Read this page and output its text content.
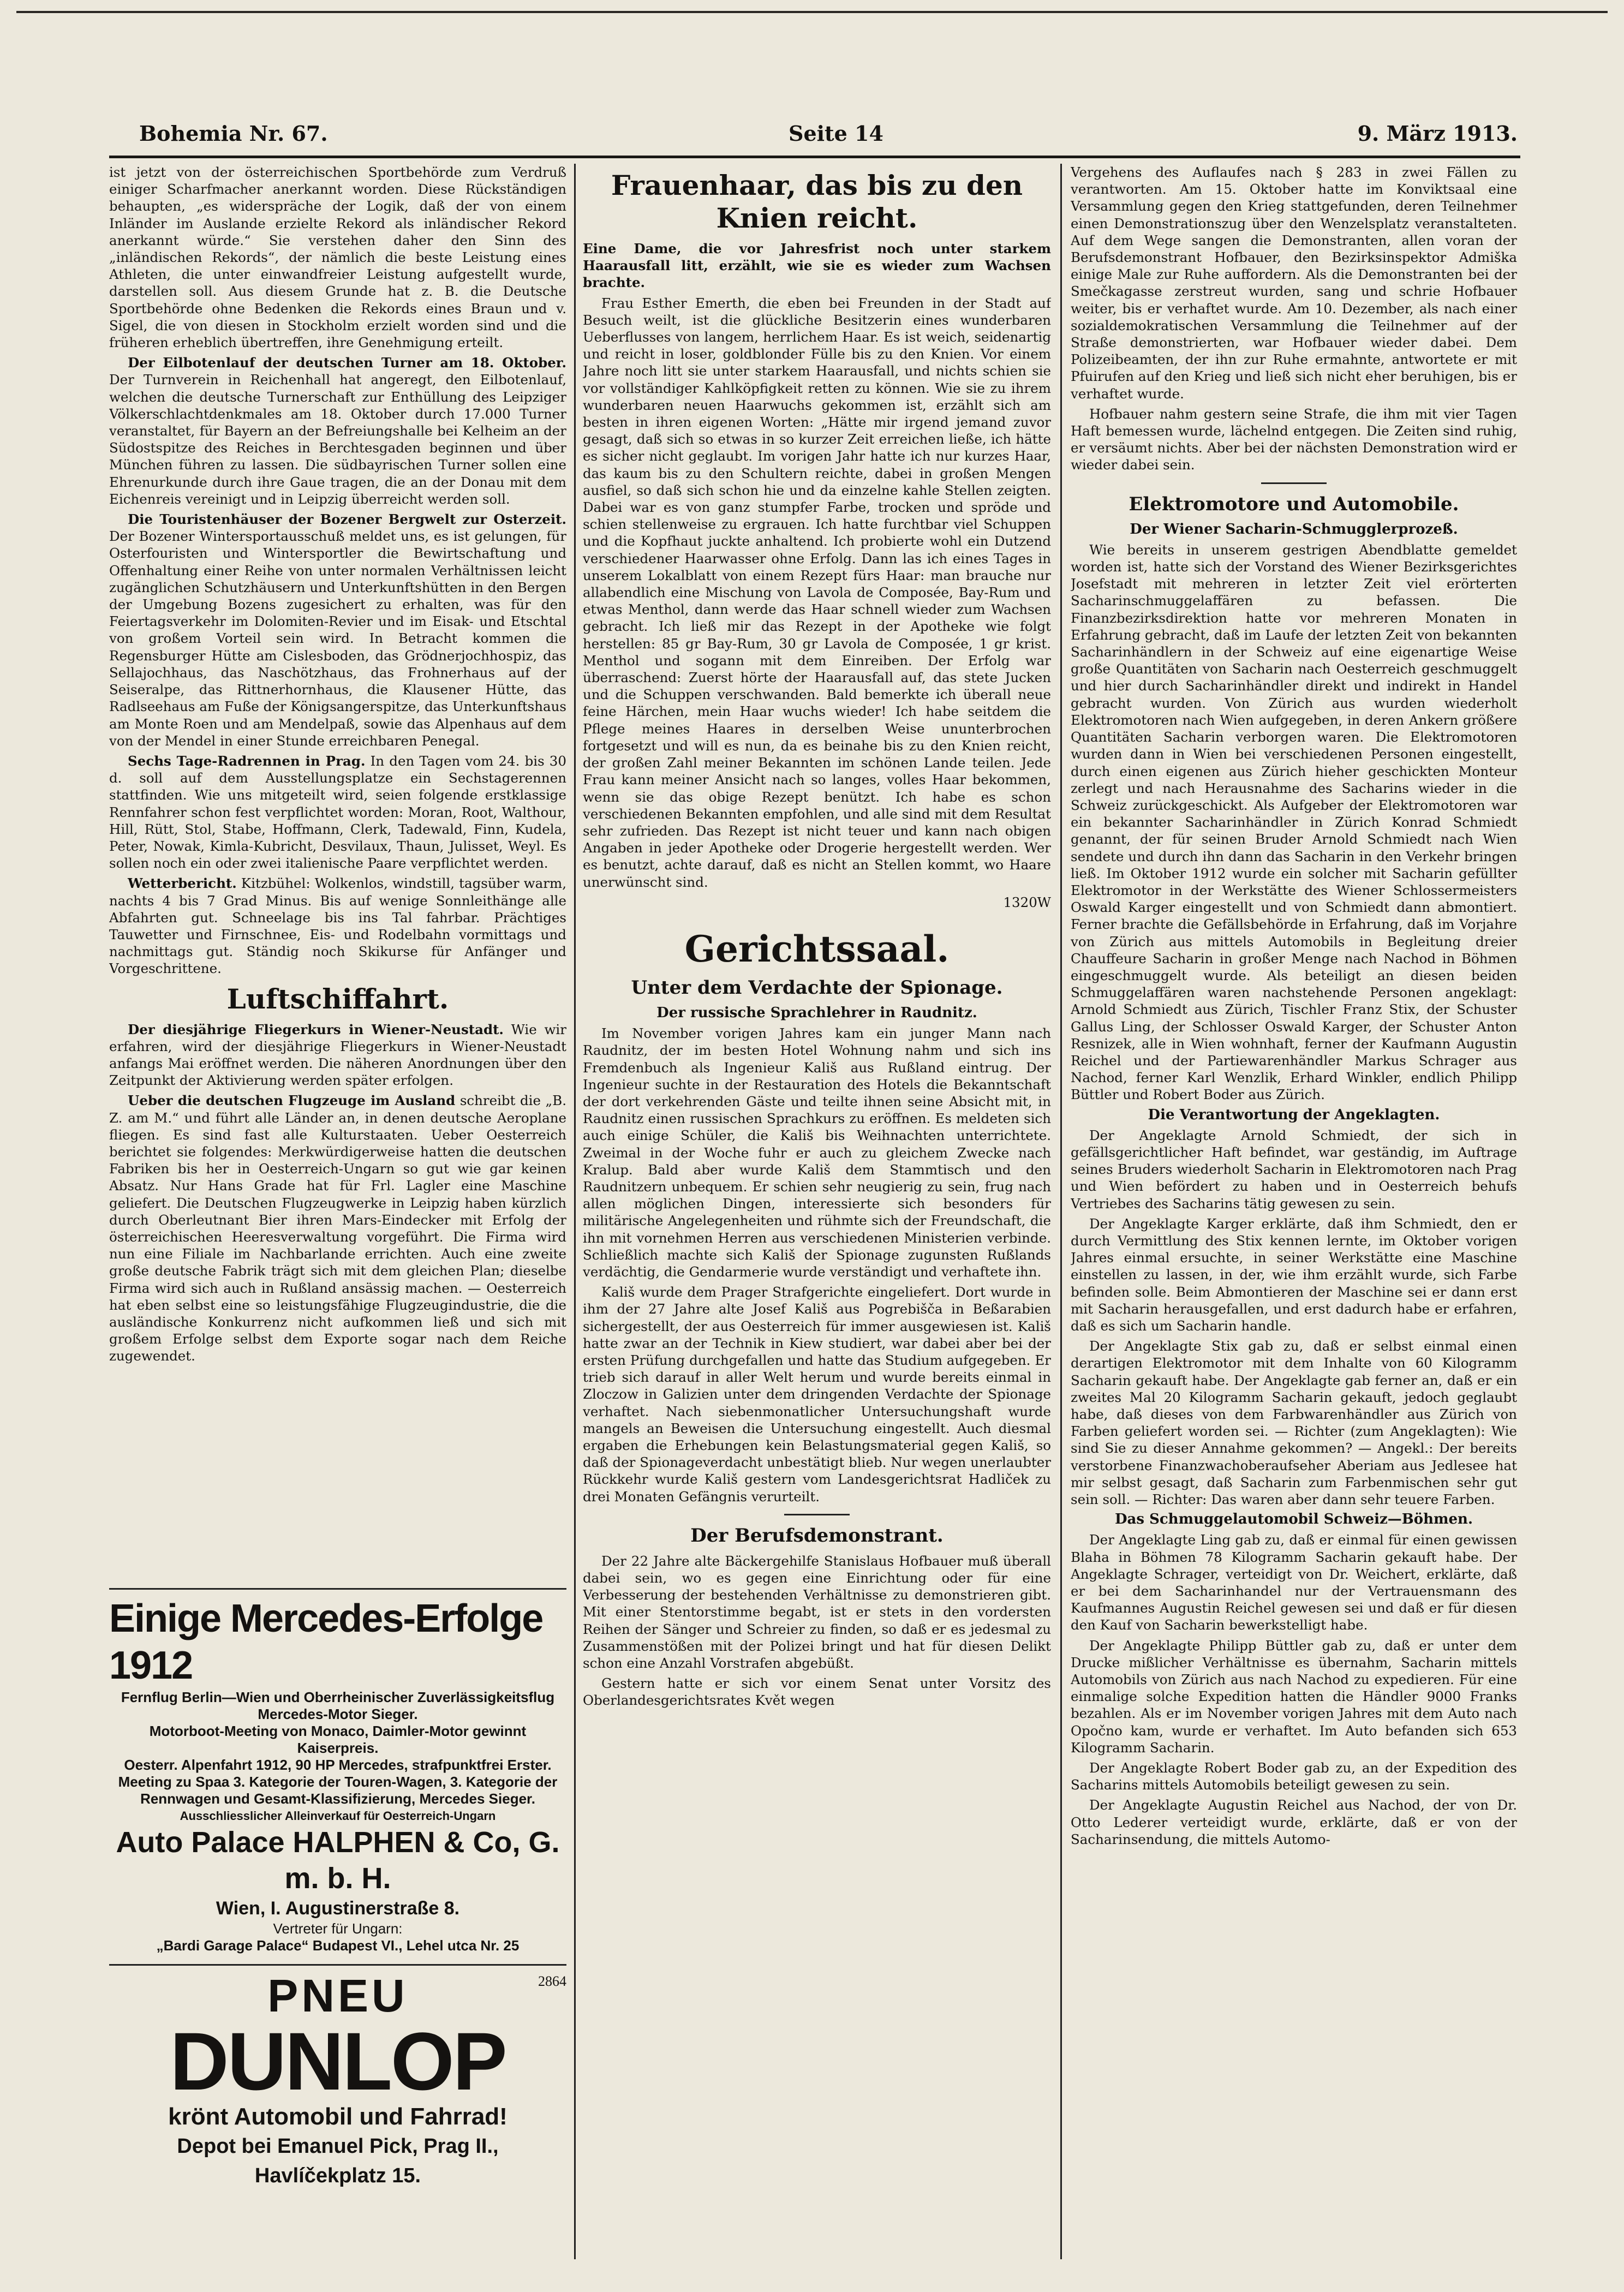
Bohemia Nr. 67.	Seite 14	9. März 1913.

ist jetzt von der österreichischen Sportbehörde zum Verdruß einiger Scharfmacher anerkannt worden. Diese Rückständigen behaupten, „es widerspräche der Logik, daß der von einem Inländer im Auslande erzielte Rekord als inländischer Rekord anerkannt würde.“ Sie verstehen daher den Sinn des „inländischen Rekords“, der nämlich die beste Leistung eines Athleten, die unter einwandfreier Leistung aufgestellt wurde, darstellen soll. Aus diesem Grunde hat z. B. die Deutsche Sportbehörde ohne Bedenken die Rekords eines Braun und v. Sigel, die von diesen in Stockholm erzielt worden sind und die früheren erheblich übertreffen, ihre Genehmigung erteilt.

Der Eilbotenlauf der deutschen Turner am 18. Oktober. Der Turnverein in Reichenhall hat angeregt, den Eilbotenlauf, welchen die deutsche Turnerschaft zur Enthüllung des Leipziger Völkerschlachtdenkmales am 18. Oktober durch 17.000 Turner veranstaltet, für Bayern an der Befreiungshalle bei Kelheim an der Südostspitze des Reiches in Berchtesgaden beginnen und über München führen zu lassen. Die südbayrischen Turner sollen eine Ehrenurkunde durch ihre Gaue tragen, die an der Donau mit dem Eichenreis vereinigt und in Leipzig überreicht werden soll.

Die Touristenhäuser der Bozener Bergwelt zur Osterzeit. Der Bozener Wintersportausschuß meldet uns, es ist gelungen, für Osterfouristen und Wintersportler die Bewirtschaftung und Offenhaltung einer Reihe von unter normalen Verhältnissen leicht zugänglichen Schutzhäusern und Unterkunftshütten in den Bergen der Umgebung Bozens zugesichert zu erhalten, was für den Feiertagsverkehr im Dolomiten-Revier und im Eisak- und Etschtal von großem Vorteil sein wird. In Betracht kommen die Regensburger Hütte am Cislesboden, das Grödnerjochhospiz, das Sellajochhaus, das Naschötzhaus, das Frohnerhaus auf der Seiseralpe, das Rittnerhornhaus, die Klausener Hütte, das Radlseehaus am Fuße der Königsangerspitze, das Unterkunftshaus am Monte Roen und am Mendelpaß, sowie das Alpenhaus auf dem von der Mendel in einer Stunde erreichbaren Penegal.

Sechs Tage-Radrennen in Prag. In den Tagen vom 24. bis 30 d. soll auf dem Ausstellungsplatze ein Sechstagerennen stattfinden. Wie uns mitgeteilt wird, seien folgende erstklassige Rennfahrer schon fest verpflichtet worden: Moran, Root, Walthour, Hill, Rütt, Stol, Stabe, Hoffmann, Clerk, Tadewald, Finn, Kudela, Peter, Nowak, Kimla-Kubricht, Desvilaux, Thaun, Julisset, Weyl. Es sollen noch ein oder zwei italienische Paare verpflichtet werden.

Wetterbericht. Kitzbühel: Wolkenlos, windstill, tagsüber warm, nachts 4 bis 7 Grad Minus. Bis auf wenige Sonnleithänge alle Abfahrten gut. Schneelage bis ins Tal fahrbar. Prächtiges Tauwetter und Firnschnee, Eis- und Rodelbahn vormittags und nachmittags gut. Ständig noch Skikurse für Anfänger und Vorgeschrittene.

Luftschiffahrt.

Der diesjährige Fliegerkurs in Wiener-Neustadt. Wie wir erfahren, wird der diesjährige Fliegerkurs in Wiener-Neustadt anfangs Mai eröffnet werden. Die näheren Anordnungen über den Zeitpunkt der Aktivierung werden später erfolgen.

Ueber die deutschen Flugzeuge im Ausland schreibt die „B. Z. am M.“ und führt alle Länder an, in denen deutsche Aeroplane fliegen. Es sind fast alle Kulturstaaten. Ueber Oesterreich berichtet sie folgendes: Merkwürdigerweise hatten die deutschen Fabriken bis her in Oesterreich-Ungarn so gut wie gar keinen Absatz. Nur Hans Grade hat für Frl. Lagler eine Maschine geliefert. Die Deutschen Flugzeugwerke in Leipzig haben kürzlich durch Oberleutnant Bier ihren Mars-Eindecker mit Erfolg der österreichischen Heeresverwaltung vorgeführt. Die Firma wird nun eine Filiale im Nachbarlande errichten. Auch eine zweite große deutsche Fabrik trägt sich mit dem gleichen Plan; dieselbe Firma wird sich auch in Rußland ansässig machen. — Oesterreich hat eben selbst eine so leistungsfähige Flugzeugindustrie, die die ausländische Konkurrenz nicht aufkommen ließ und sich mit großem Erfolge selbst dem Exporte sogar nach dem Reiche zugewendet.

Einige Mercedes-Erfolge 1912
Fernflug Berlin—Wien und Oberrheinischer Zuverlässigkeitsflug Mercedes-Motor Sieger.
Motorboot-Meeting von Monaco, Daimler-Motor gewinnt Kaiserpreis.
Oesterr. Alpenfahrt 1912, 90 HP Mercedes, strafpunktfrei Erster.
Meeting zu Spaa 3. Kategorie der Touren-Wagen, 3. Kategorie der Rennwagen und Gesamt-Klassifizierung, Mercedes Sieger.
Ausschliesslicher Alleinverkauf für Oesterreich-Ungarn
Auto Palace HALPHEN & Co, G. m. b. H.
Wien, I. Augustinerstraße 8.
Vertreter für Ungarn:
„Bardi Garage Palace“ Budapest VI., Lehel utca Nr. 25
2864
PNEU
DUNLOP
krönt Automobil und Fahrrad!
Depot bei Emanuel Pick, Prag II., Havlíčekplatz 15.
Frauenhaar, das bis zu den Knien reicht.

Eine Dame, die vor Jahresfrist noch unter starkem Haarausfall litt, erzählt, wie sie es wieder zum Wachsen brachte.

Frau Esther Emerth, die eben bei Freunden in der Stadt auf Besuch weilt, ist die glückliche Besitzerin eines wunderbaren Ueberflusses von langem, herrlichem Haar. Es ist weich, seidenartig und reicht in loser, goldblonder Fülle bis zu den Knien. Vor einem Jahre noch litt sie unter starkem Haarausfall, und nichts schien sie vor vollständiger Kahlköpfigkeit retten zu können. Wie sie zu ihrem wunderbaren neuen Haarwuchs gekommen ist, erzählt sich am besten in ihren eigenen Worten: „Hätte mir irgend jemand zuvor gesagt, daß sich so etwas in so kurzer Zeit erreichen ließe, ich hätte es sicher nicht geglaubt. Im vorigen Jahr hatte ich nur kurzes Haar, das kaum bis zu den Schultern reichte, dabei in großen Mengen ausfiel, so daß sich schon hie und da einzelne kahle Stellen zeigten. Dabei war es von ganz stumpfer Farbe, trocken und spröde und schien stellenweise zu ergrauen. Ich hatte furchtbar viel Schuppen und die Kopfhaut juckte anhaltend. Ich probierte wohl ein Dutzend verschiedener Haarwasser ohne Erfolg. Dann las ich eines Tages in unserem Lokalblatt von einem Rezept fürs Haar: man brauche nur allabendlich eine Mischung von Lavola de Composée, Bay-Rum und etwas Menthol, dann werde das Haar schnell wieder zum Wachsen gebracht. Ich ließ mir das Rezept in der Apotheke wie folgt herstellen: 85 gr Bay-Rum, 30 gr Lavola de Composée, 1 gr krist. Menthol und sogann mit dem Einreiben. Der Erfolg war überraschend: Zuerst hörte der Haarausfall auf, das stete Jucken und die Schuppen verschwanden. Bald bemerkte ich überall neue feine Härchen, mein Haar wuchs wieder! Ich habe seitdem die Pflege meines Haares in derselben Weise ununterbrochen fortgesetzt und will es nun, da es beinahe bis zu den Knien reicht, der großen Zahl meiner Bekannten im schönen Lande teilen. Jede Frau kann meiner Ansicht nach so langes, volles Haar bekommen, wenn sie das obige Rezept benützt. Ich habe es schon verschiedenen Bekannten empfohlen, und alle sind mit dem Resultat sehr zufrieden. Das Rezept ist nicht teuer und kann nach obigen Angaben in jeder Apotheke oder Drogerie hergestellt werden. Wer es benutzt, achte darauf, daß es nicht an Stellen kommt, wo Haare unerwünscht sind.

1320W
Gerichtssaal.
Unter dem Verdachte der Spionage.
Der russische Sprachlehrer in Raudnitz.

Im November vorigen Jahres kam ein junger Mann nach Raudnitz, der im besten Hotel Wohnung nahm und sich ins Fremdenbuch als Ingenieur Kališ aus Rußland eintrug. Der Ingenieur suchte in der Restauration des Hotels die Bekanntschaft der dort verkehrenden Gäste und teilte ihnen seine Absicht mit, in Raudnitz einen russischen Sprachkurs zu eröffnen. Es meldeten sich auch einige Schüler, die Kališ bis Weihnachten unterrichtete. Zweimal in der Woche fuhr er auch zu gleichem Zwecke nach Kralup. Bald aber wurde Kališ dem Stammtisch und den Raudnitzern unbequem. Er schien sehr neugierig zu sein, frug nach allen möglichen Dingen, interessierte sich besonders für militärische Angelegenheiten und rühmte sich der Freundschaft, die ihn mit vornehmen Herren aus verschiedenen Ministerien verbinde. Schließlich machte sich Kališ der Spionage zugunsten Rußlands verdächtig, die Gendarmerie wurde verständigt und verhaftete ihn.

Kališ wurde dem Prager Strafgerichte eingeliefert. Dort wurde in ihm der 27 Jahre alte Josef Kališ aus Pogrebišča in Beßarabien sichergestellt, der aus Oesterreich für immer ausgewiesen ist. Kališ hatte zwar an der Technik in Kiew studiert, war dabei aber bei der ersten Prüfung durchgefallen und hatte das Studium aufgegeben. Er trieb sich darauf in aller Welt herum und wurde bereits einmal in Zloczow in Galizien unter dem dringenden Verdachte der Spionage verhaftet. Nach siebenmonatlicher Untersuchungshaft wurde mangels an Beweisen die Untersuchung eingestellt. Auch diesmal ergaben die Erhebungen kein Belastungsmaterial gegen Kališ, so daß der Spionageverdacht unbestätigt blieb. Nur wegen unerlaubter Rückkehr wurde Kališ gestern vom Landesgerichtsrat Hadliček zu drei Monaten Gefängnis verurteilt.

Der Berufsdemonstrant.

Der 22 Jahre alte Bäckergehilfe Stanislaus Hofbauer muß überall dabei sein, wo es gegen eine Einrichtung oder für eine Verbesserung der bestehenden Verhältnisse zu demonstrieren gibt. Mit einer Stentorstimme begabt, ist er stets in den vordersten Reihen der Sänger und Schreier zu finden, so daß er es jedesmal zu Zusammenstößen mit der Polizei bringt und hat für diesen Delikt schon eine Anzahl Vorstrafen abgebüßt.

Gestern hatte er sich vor einem Senat unter Vorsitz des Oberlandesgerichtsrates Květ wegen

Vergehens des Auflaufes nach § 283 in zwei Fällen zu verantworten. Am 15. Oktober hatte im Konviktsaal eine Versammlung gegen den Krieg stattgefunden, deren Teilnehmer einen Demonstrationszug über den Wenzelsplatz veranstalteten. Auf dem Wege sangen die Demonstranten, allen voran der Berufsdemonstrant Hofbauer, den Bezirksinspektor Admiška einige Male zur Ruhe auffordern. Als die Demonstranten bei der Smečkagasse zerstreut wurden, sang und schrie Hofbauer weiter, bis er verhaftet wurde. Am 10. Dezember, als nach einer sozialdemokratischen Versammlung die Teilnehmer auf der Straße demonstrierten, war Hofbauer wieder dabei. Dem Polizeibeamten, der ihn zur Ruhe ermahnte, antwortete er mit Pfuirufen auf den Krieg und ließ sich nicht eher beruhigen, bis er verhaftet wurde.

Hofbauer nahm gestern seine Strafe, die ihm mit vier Tagen Haft bemessen wurde, lächelnd entgegen. Die Zeiten sind ruhig, er versäumt nichts. Aber bei der nächsten Demonstration wird er wieder dabei sein.

Elektromotore und Automobile.
Der Wiener Sacharin-Schmugglerprozeß.

Wie bereits in unserem gestrigen Abendblatte gemeldet worden ist, hatte sich der Vorstand des Wiener Bezirksgerichtes Josefstadt mit mehreren in letzter Zeit viel erörterten Sacharinschmuggelaffären zu befassen. Die Finanzbezirksdirektion hatte vor mehreren Monaten in Erfahrung gebracht, daß im Laufe der letzten Zeit von bekannten Sacharinhändlern in der Schweiz auf eine eigenartige Weise große Quantitäten von Sacharin nach Oesterreich geschmuggelt und hier durch Sacharinhändler direkt und indirekt in Handel gebracht wurden. Von Zürich aus wurden wiederholt Elektromotoren nach Wien aufgegeben, in deren Ankern größere Quantitäten Sacharin verborgen waren. Die Elektromotoren wurden dann in Wien bei verschiedenen Personen eingestellt, durch einen eigenen aus Zürich hieher geschickten Monteur zerlegt und nach Herausnahme des Sacharins wieder in die Schweiz zurückgeschickt. Als Aufgeber der Elektromotoren war ein bekannter Sacharinhändler in Zürich Konrad Schmiedt genannt, der für seinen Bruder Arnold Schmiedt nach Wien sendete und durch ihn dann das Sacharin in den Verkehr bringen ließ. Im Oktober 1912 wurde ein solcher mit Sacharin gefüllter Elektromotor in der Werkstätte des Wiener Schlossermeisters Oswald Karger eingestellt und von Schmiedt dann abmontiert. Ferner brachte die Gefällsbehörde in Erfahrung, daß im Vorjahre von Zürich aus mittels Automobils in Begleitung dreier Chauffeure Sacharin in großer Menge nach Nachod in Böhmen eingeschmuggelt wurde. Als beteiligt an diesen beiden Schmuggelaffären waren nachstehende Personen angeklagt: Arnold Schmiedt aus Zürich, Tischler Franz Stix, der Schuster Gallus Ling, der Schlosser Oswald Karger, der Schuster Anton Resnizek, alle in Wien wohnhaft, ferner der Kaufmann Augustin Reichel und der Partiewarenhändler Markus Schrager aus Nachod, ferner Karl Wenzlik, Erhard Winkler, endlich Philipp Büttler und Robert Boder aus Zürich.

Die Verantwortung der Angeklagten.

Der Angeklagte Arnold Schmiedt, der sich in gefällsgerichtlicher Haft befindet, war geständig, im Auftrage seines Bruders wiederholt Sacharin in Elektromotoren nach Prag und Wien befördert zu haben und in Oesterreich behufs Vertriebes des Sacharins tätig gewesen zu sein.

Der Angeklagte Karger erklärte, daß ihm Schmiedt, den er durch Vermittlung des Stix kennen lernte, im Oktober vorigen Jahres einmal ersuchte, in seiner Werkstätte eine Maschine einstellen zu lassen, in der, wie ihm erzählt wurde, sich Farbe befinden solle. Beim Abmontieren der Maschine sei er dann erst mit Sacharin herausgefallen, und erst dadurch habe er erfahren, daß es sich um Sacharin handle.

Der Angeklagte Stix gab zu, daß er selbst einmal einen derartigen Elektromotor mit dem Inhalte von 60 Kilogramm Sacharin gekauft habe. Der Angeklagte gab ferner an, daß er ein zweites Mal 20 Kilogramm Sacharin gekauft, jedoch geglaubt habe, daß dieses von dem Farbwarenhändler aus Zürich von Farben geliefert worden sei. — Richter (zum Angeklagten): Wie sind Sie zu dieser Annahme gekommen? — Angekl.: Der bereits verstorbene Finanzwachoberaufseher Aberiam aus Jedlesee hat mir selbst gesagt, daß Sacharin zum Farbenmischen sehr gut sein soll. — Richter: Das waren aber dann sehr teuere Farben.

Das Schmuggelautomobil Schweiz—Böhmen.

Der Angeklagte Ling gab zu, daß er einmal für einen gewissen Blaha in Böhmen 78 Kilogramm Sacharin gekauft habe. Der Angeklagte Schrager, verteidigt von Dr. Weichert, erklärte, daß er bei dem Sacharinhandel nur der Vertrauensmann des Kaufmannes Augustin Reichel gewesen sei und daß er für diesen den Kauf von Sacharin bewerkstelligt habe.

Der Angeklagte Philipp Büttler gab zu, daß er unter dem Drucke mißlicher Verhältnisse es übernahm, Sacharin mittels Automobils von Zürich aus nach Nachod zu expedieren. Für eine einmalige solche Expedition hatten die Händler 9000 Franks bezahlen. Als er im November vorigen Jahres mit dem Auto nach Opočno kam, wurde er verhaftet. Im Auto befanden sich 653 Kilogramm Sacharin.

Der Angeklagte Robert Boder gab zu, an der Expedition des Sacharins mittels Automobils beteiligt gewesen zu sein.

Der Angeklagte Augustin Reichel aus Nachod, der von Dr. Otto Lederer verteidigt wurde, erklärte, daß er von der Sacharinsendung, die mittels Automo-
